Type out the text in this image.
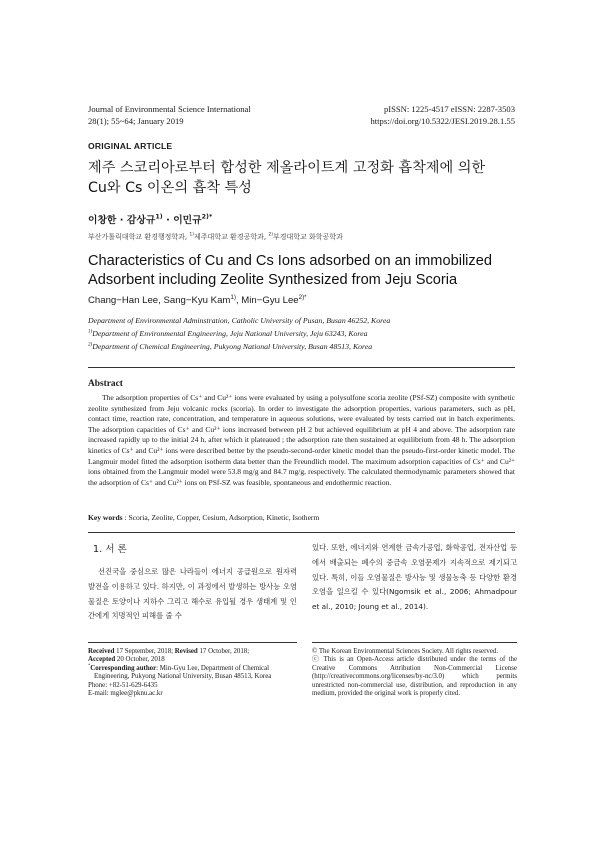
Journal of Environmental Science International
28(1); 55~64; January 2019
pISSN: 1225-4517 eISSN: 2287-3503
https://doi.org/10.5322/JESI.2019.28.1.55
ORIGINAL ARTICLE
제주 스코리아로부터 합성한 제올라이트계 고정화 흡착제에 의한
Cu와 Cs 이온의 흡착 특성
이창한 · 감상규$^{1)}$ · 이민규$^{2)*}$
부산가톨릭대학교 환경행정학과, $^{1)}$제주대학교 환경공학과, $^{2)}$부경대학교 화학공학과
Characteristics of Cu and Cs Ions adsorbed on an immobilized
Adsorbent including Zeolite Synthesized from Jeju Scoria
Chang−Han Lee, Sang−Kyu Kam$^{1)}$, Min−Gyu Lee$^{2)*}$
Department of Environmental Adminstration, Catholic University of Pusan, Busan 46252, Korea
$^{1)}$Department of Environmental Engineering, Jeju National University, Jeju 63243, Korea
$^{2)}$Department of Chemical Engineering, Pukyong National University, Busan 48513, Korea
Abstract
The adsorption properties of Cs⁺ and Cu²⁺ ions were evaluated by using a polysulfone scoria zeolite (PSf-SZ) composite with synthetic zeolite synthesized from Jeju volcanic rocks (scoria). In order to investigate the adsorption properties, various parameters, such as pH, contact time, reaction rate, concentration, and temperature in aqueous solutions, were evaluated by tests carried out in batch experiments. The adsorption capacities of Cs⁺ and Cu²⁺ ions increased between pH 2 but achieved equilibrium at pH 4 and above. The adsorption rate increased rapidly up to the initial 24 h, after which it plateaued ; the adsorption rate then sustained at equilibrium from 48 h. The adsorption kinetics of Cs⁺ and Cu²⁺ ions were described better by the pseudo-second-order kinetic model than the pseudo-first-order kinetic model. The Langmuir model fitted the adsorption isotherm data better than the Freundlich model. The maximum adsorption capacities of Cs⁺ and Cu²⁺ ions obtained from the Langmuir model were 53.8 mg/g and 84.7 mg/g, respectively. The calculated thermodynamic parameters showed that the adsorption of Cs⁺ and Cu²⁺ ions on PSf-SZ was feasible, spontaneous and endothermic reaction.
Key words : Scoria, Zeolite, Copper, Cesium, Adsorption, Kinetic, Isotherm
1. 서 론
선진국을 중심으로 많은 나라들이 에너지 공급원으로 원자력 발전을 이용하고 있다. 하지만, 이 과정에서 발생하는 방사능 오염물질은 토양이나 지하수 그리고 해수로 유입될 경우 생태계 및 인간에게 치명적인 피해를 줄 수
있다. 또한, 에너지와 연계한 금속가공업, 화학공업, 전자산업 등에서 배출되는 폐수의 중금속 오염문제가 지속적으로 제기되고 있다. 특히, 이들 오염물질은 방사능 및 생물농축 등 다양한 환경오염을 일으킬 수 있다(Ngomsik et al., 2006; Ahmadpour et al., 2010; Joung et al., 2014).
Received 17 September, 2018; Revised 17 October, 2018;
Accepted 20 October, 2018
*Corresponding author: Min-Gyu Lee, Department of Chemical Engineering, Pukyong National University, Busan 48513, Korea
Phone: +82-51-629-6435
E-mail: mglee@pknu.ac.kr
© The Korean Environmental Sciences Society. All rights reserved.
ⓒ This is an Open-Access article distributed under the terms of the Creative Commons Attribution Non-Commercial License (http://creativecommons.org/licenses/by-nc/3.0) which permits unrestricted non-commercial use, distribution, and reproduction in any medium, provided the original work is properly cited.
